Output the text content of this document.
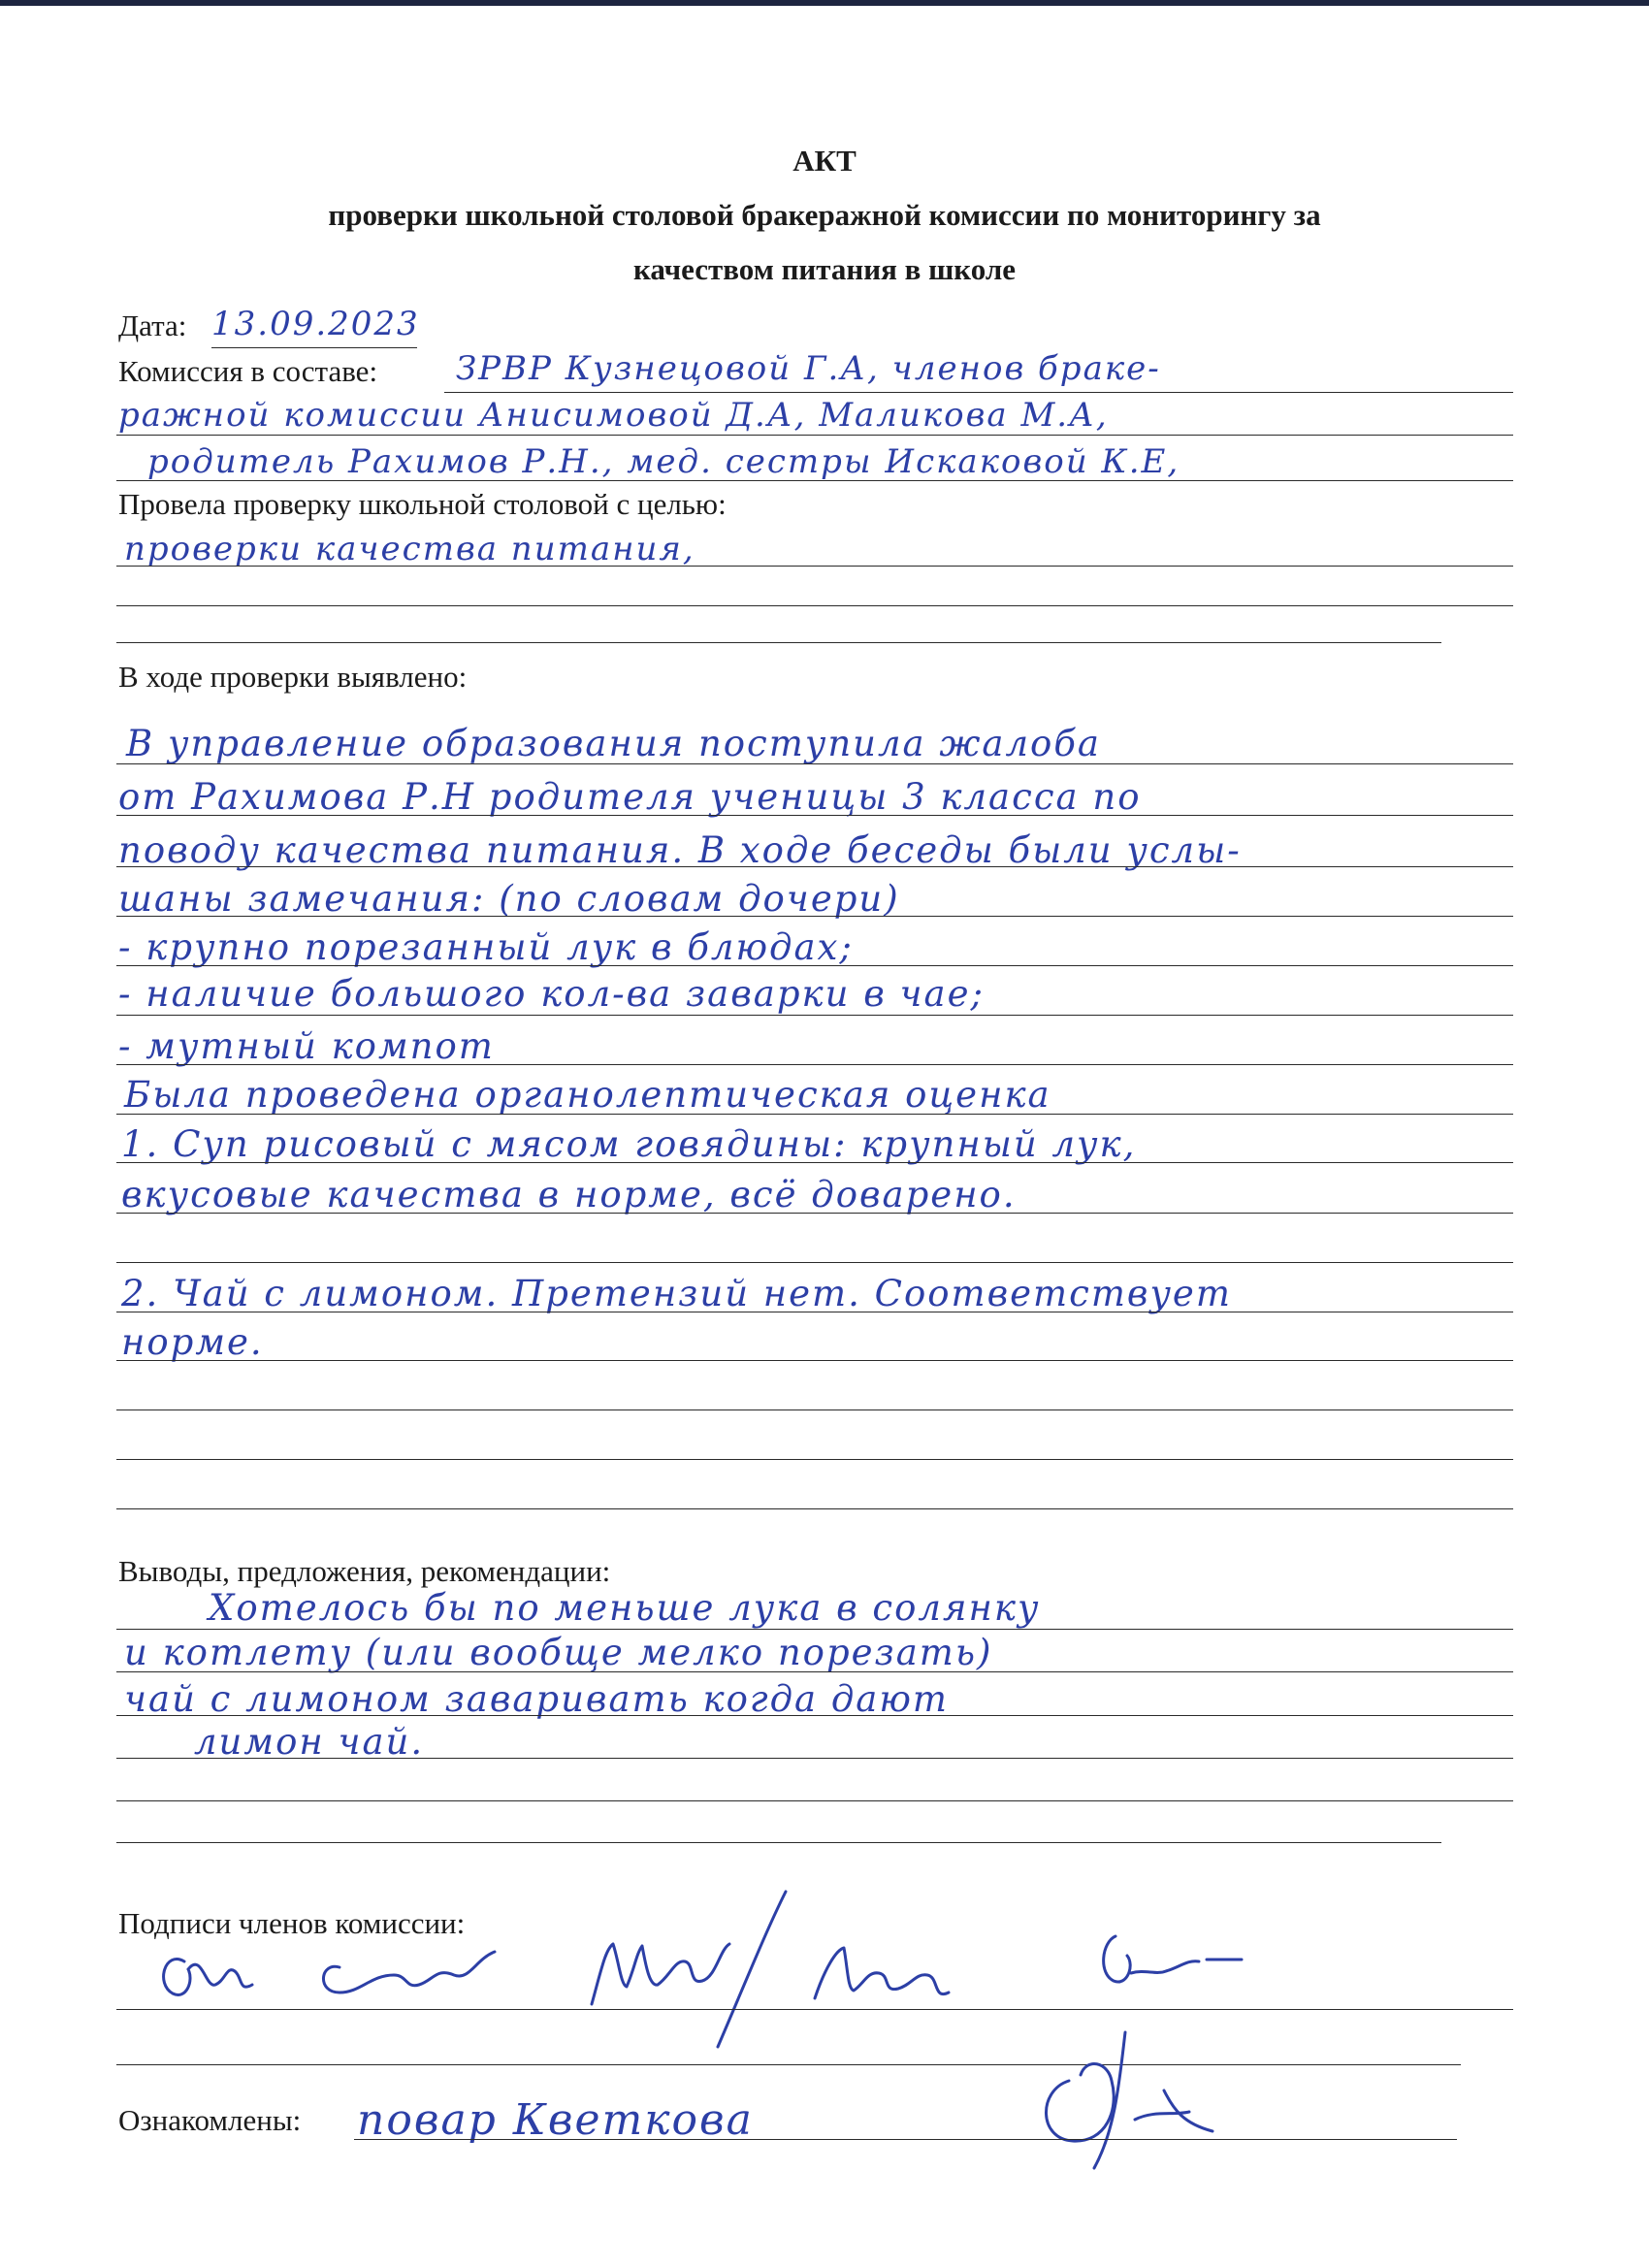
АКТ
проверки школьной столовой бракеражной комиссии по мониторингу за
качеством питания в школе
Дата: 13.09.2023
Комиссия в составе: ЗРВР Кузнецовой Г.А, членов браке-
ражной комиссии Анисимовой Д.А, Маликова М.А,
родитель Рахимов Р.Н., мед. сестры Искаковой К.Е,
Провела проверку школьной столовой с целью:
проверки качества питания,
В ходе проверки выявлено:
В управление образования поступила жалоба
от Рахимова Р.Н родителя ученицы 3 класса по
поводу качества питания. В ходе беседы были услы-
шаны замечания: (по словам дочери)
- крупно порезанный лук в блюдах;
- наличие большого кол-ва заварки в чае;
- мутный компот
Была проведена органолептическая оценка
1. Суп рисовый с мясом говядины: крупный лук,
вкусовые качества в норме, всё доварено.
2. Чай с лимоном. Претензий нет. Соответствует
норме.
Выводы, предложения, рекомендации:
Хотелось бы по меньше лука в солянку
и котлету (или вообще мелко порезать)
чай с лимоном заваривать когда дают
лимон чай.
Подписи членов комиссии:
Ознакомлены: повар Кветкова
